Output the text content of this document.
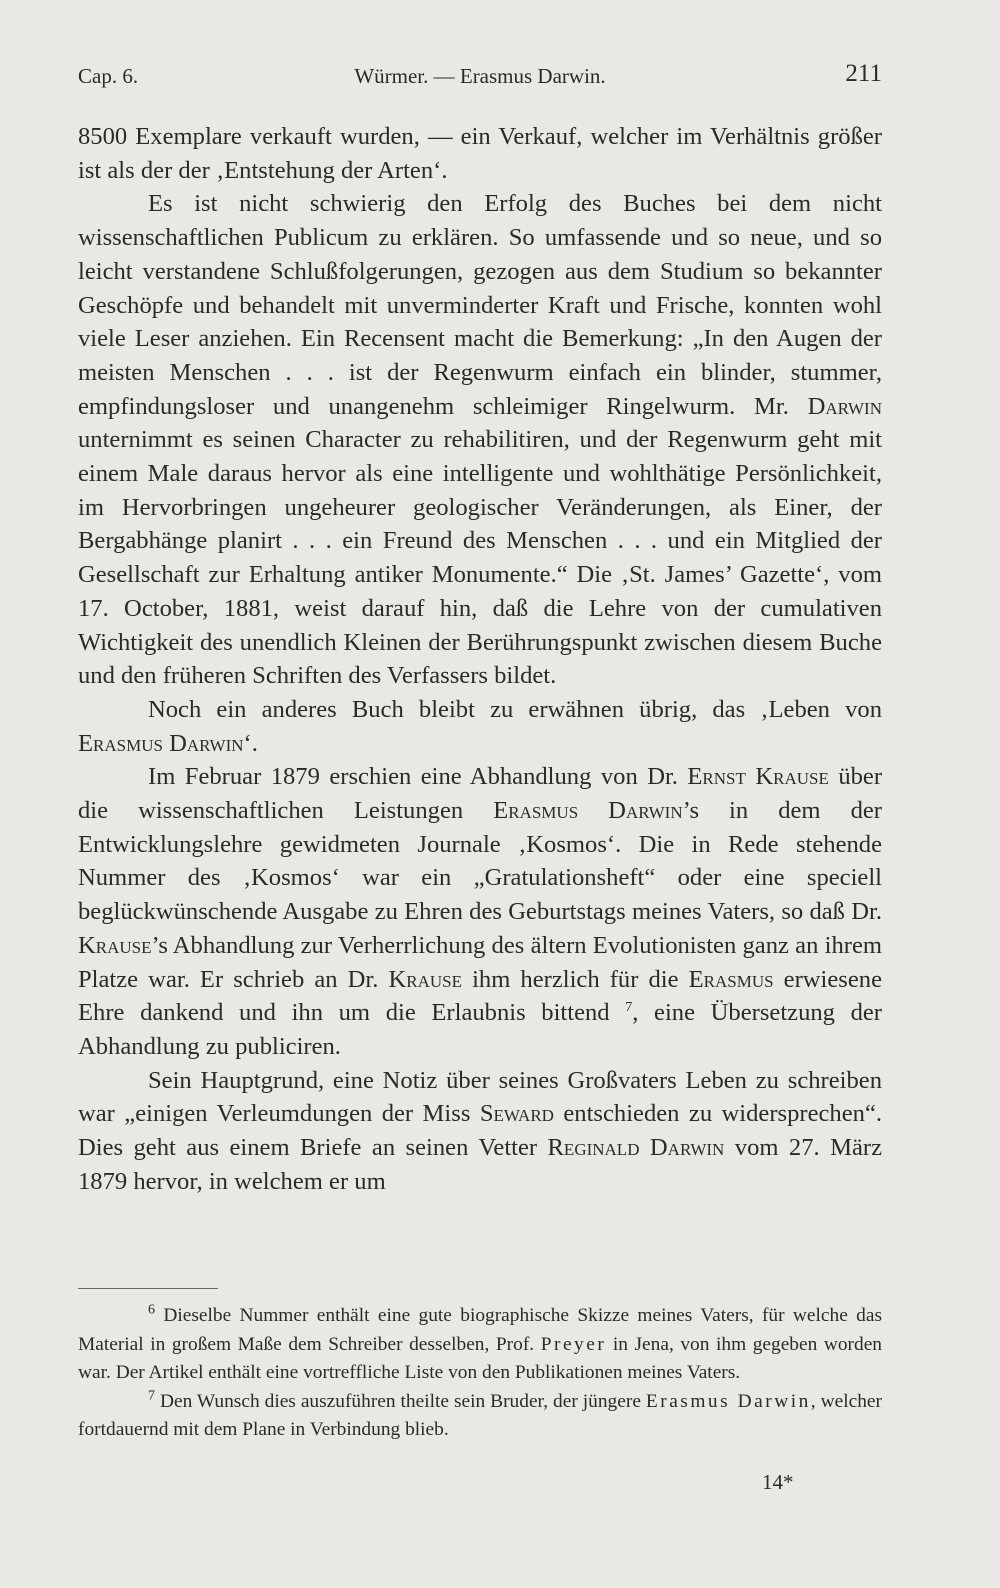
Cap. 6.	Würmer. — Erasmus Darwin.	211

8500 Exemplare verkauft wurden, — ein Verkauf, welcher im Verhältnis größer ist als der der ‚Entstehung der Arten‘.

Es ist nicht schwierig den Erfolg des Buches bei dem nicht wissenschaftlichen Publicum zu erklären. So umfassende und so neue, und so leicht verstandene Schlußfolgerungen, gezogen aus dem Studium so bekannter Geschöpfe und behandelt mit unverminderter Kraft und Frische, konnten wohl viele Leser anziehen. Ein Recensent macht die Bemerkung: „In den Augen der meisten Menschen . . . ist der Regenwurm einfach ein blinder, stummer, empfindungsloser und unangenehm schleimiger Ringelwurm. Mr. Darwin unternimmt es seinen Character zu rehabilitiren, und der Regenwurm geht mit einem Male daraus hervor als eine intelligente und wohlthätige Persönlichkeit, im Hervorbringen ungeheurer geologischer Veränderungen, als Einer, der Bergabhänge planirt . . . ein Freund des Menschen . . . und ein Mitglied der Gesellschaft zur Erhaltung antiker Monumente.“ Die ‚St. James’ Gazette‘, vom 17. October, 1881, weist darauf hin, daß die Lehre von der cumulativen Wichtigkeit des unendlich Kleinen der Berührungspunkt zwischen diesem Buche und den früheren Schriften des Verfassers bildet.

Noch ein anderes Buch bleibt zu erwähnen übrig, das ‚Leben von Erasmus Darwin‘.

Im Februar 1879 erschien eine Abhandlung von Dr. Ernst Krause über die wissenschaftlichen Leistungen Erasmus Darwin’s in dem der Entwicklungslehre gewidmeten Journale ‚Kosmos‘. Die in Rede stehende Nummer des ‚Kosmos‘ war ein „Gratulationsheft“ oder eine speciell beglückwünschende Ausgabe zu Ehren des Geburtstags meines Vaters, so daß Dr. Krause’s Abhandlung zur Verherrlichung des ältern Evolutionisten ganz an ihrem Platze war. Er schrieb an Dr. Krause ihm herzlich für die Erasmus erwiesene Ehre dankend und ihn um die Erlaubnis bittend $^7$, eine Übersetzung der Abhandlung zu publiciren.

Sein Hauptgrund, eine Notiz über seines Großvaters Leben zu schreiben war „einigen Verleumdungen der Miss Seward entschieden zu widersprechen“. Dies geht aus einem Briefe an seinen Vetter Reginald Darwin vom 27. März 1879 hervor, in welchem er um

$^6$ Dieselbe Nummer enthält eine gute biographische Skizze meines Vaters, für welche das Material in großem Maße dem Schreiber desselben, Prof. Preyer in Jena, von ihm gegeben worden war. Der Artikel enthält eine vortreffliche Liste von den Publikationen meines Vaters.

$^7$ Den Wunsch dies auszuführen theilte sein Bruder, der jüngere Erasmus Darwin, welcher fortdauernd mit dem Plane in Verbindung blieb.

14*
